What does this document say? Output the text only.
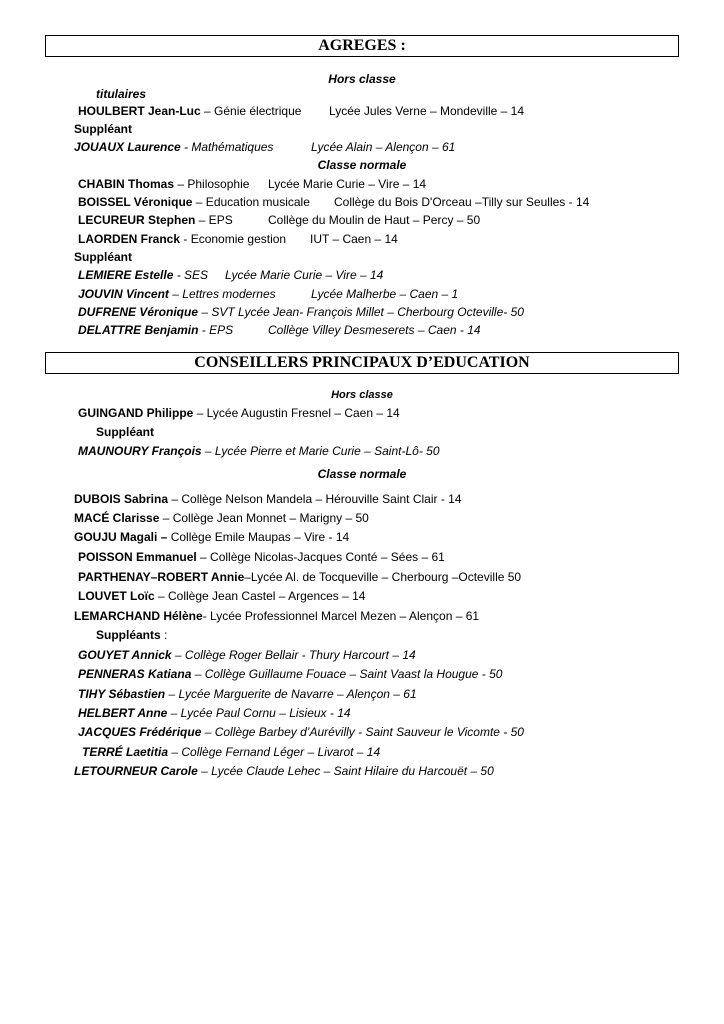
AGREGES :
Hors classe
titulaires
HOULBERT Jean-Luc – Génie électrique Lycée Jules Verne – Mondeville – 14
Suppléant
JOUAUX Laurence - Mathématiques	Lycée Alain – Alençon – 61
Classe normale
CHABIN Thomas – Philosophie Lycée Marie Curie – Vire – 14
BOISSEL Véronique – Education musicale Collège du Bois D'Orceau –Tilly sur Seulles - 14
LECUREUR Stephen – EPS	Collège du Moulin de Haut – Percy – 50
LAORDEN Franck - Economie gestion IUT – Caen – 14
Suppléant
LEMIERE Estelle - SES Lycée Marie Curie – Vire – 14
JOUVIN Vincent – Lettres modernes	Lycée Malherbe – Caen – 1
DUFRENE Véronique – SVT Lycée Jean- François Millet – Cherbourg Octeville- 50
DELATTRE Benjamin - EPS	Collège Villey Desmeserets – Caen - 14
CONSEILLERS PRINCIPAUX D’EDUCATION
Hors classe
GUINGAND Philippe – Lycée Augustin Fresnel – Caen – 14
Suppléant
MAUNOURY François – Lycée Pierre et Marie Curie – Saint-Lô- 50
Classe normale
DUBOIS Sabrina – Collège Nelson Mandela – Hérouville Saint Clair - 14
MACÉ Clarisse – Collège Jean Monnet – Marigny – 50
GOUJU Magali – Collège Emile Maupas – Vire - 14
POISSON Emmanuel – Collège Nicolas-Jacques Conté – Sées – 61
PARTHENAY–ROBERT Annie–Lycée Al. de Tocqueville – Cherbourg –Octeville 50
LOUVET Loïc – Collège Jean Castel – Argences – 14
LEMARCHAND Hélène- Lycée Professionnel Marcel Mezen – Alençon – 61
Suppléants :
GOUYET Annick – Collège Roger Bellair - Thury Harcourt – 14
PENNERAS Katiana – Collège Guillaume Fouace – Saint Vaast la Hougue - 50
TIHY Sébastien – Lycée Marguerite de Navarre – Alençon – 61
HELBERT Anne – Lycée Paul Cornu – Lisieux - 14
JACQUES Frédérique – Collège Barbey d’Aurévilly - Saint Sauveur le Vicomte - 50
TERRÉ Laetitia – Collège Fernand Léger – Livarot – 14
LETOURNEUR Carole – Lycée Claude Lehec – Saint Hilaire du Harcouët – 50
